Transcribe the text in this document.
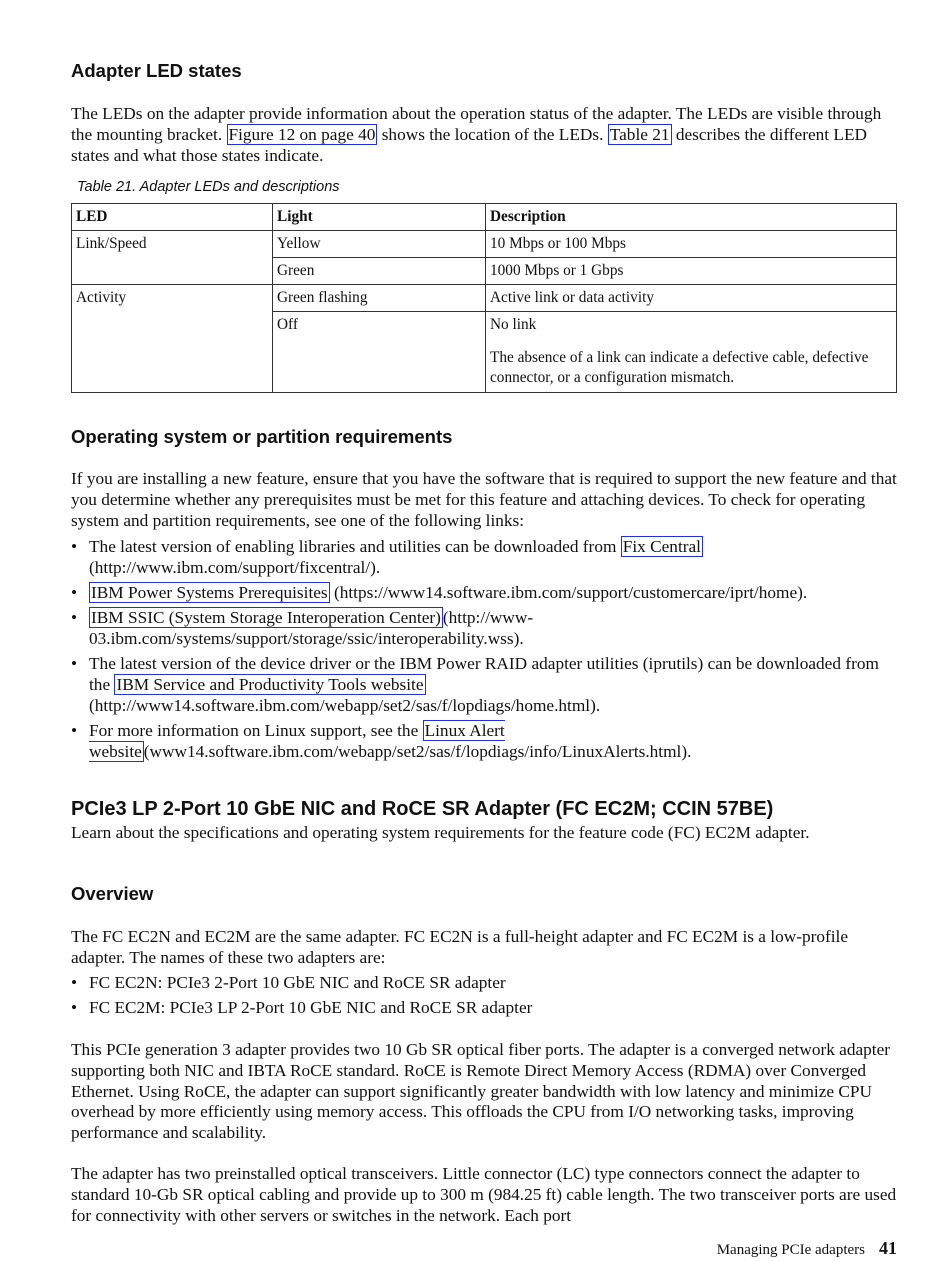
Adapter LED states

The LEDs on the adapter provide information about the operation status of the adapter. The LEDs are visible through the mounting bracket. Figure 12 on page 40 shows the location of the LEDs. Table 21 describes the different LED states and what those states indicate.

Table 21. Adapter LEDs and descriptions
LED	Light	Description
Link/Speed	Yellow	10 Mbps or 100 Mbps
	Green	1000 Mbps or 1 Gbps
Activity	Green flashing	Active link or data activity
	Off	No link
The absence of a link can indicate a defective cable, defective connector, or a configuration mismatch.
Operating system or partition requirements

If you are installing a new feature, ensure that you have the software that is required to support the new feature and that you determine whether any prerequisites must be met for this feature and attaching devices. To check for operating system and partition requirements, see one of the following links:

• The latest version of enabling libraries and utilities can be downloaded from Fix Central (http://www.ibm.com/support/fixcentral/).
• IBM Power Systems Prerequisites (https://www14.software.ibm.com/support/customercare/iprt/home).
• IBM SSIC (System Storage Interoperation Center) (http://www-03.ibm.com/systems/support/storage/ssic/interoperability.wss).
• The latest version of the device driver or the IBM Power RAID adapter utilities (iprutils) can be downloaded from the IBM Service and Productivity Tools website (http://www14.software.ibm.com/webapp/set2/sas/f/lopdiags/home.html).
• For more information on Linux support, see the Linux Alert website (www14.software.ibm.com/webapp/set2/sas/f/lopdiags/info/LinuxAlerts.html).
PCIe3 LP 2-Port 10 GbE NIC and RoCE SR Adapter (FC EC2M; CCIN 57BE)

Learn about the specifications and operating system requirements for the feature code (FC) EC2M adapter.

Overview

The FC EC2N and EC2M are the same adapter. FC EC2N is a full-height adapter and FC EC2M is a low-profile adapter. The names of these two adapters are:

• FC EC2N: PCIe3 2-Port 10 GbE NIC and RoCE SR adapter
• FC EC2M: PCIe3 LP 2-Port 10 GbE NIC and RoCE SR adapter

This PCIe generation 3 adapter provides two 10 Gb SR optical fiber ports. The adapter is a converged network adapter supporting both NIC and IBTA RoCE standard. RoCE is Remote Direct Memory Access (RDMA) over Converged Ethernet. Using RoCE, the adapter can support significantly greater bandwidth with low latency and minimize CPU overhead by more efficiently using memory access. This offloads the CPU from I/O networking tasks, improving performance and scalability.

The adapter has two preinstalled optical transceivers. Little connector (LC) type connectors connect the adapter to standard 10-Gb SR optical cabling and provide up to 300 m (984.25 ft) cable length. The two transceiver ports are used for connectivity with other servers or switches in the network. Each port

Managing PCIe adapters 41
